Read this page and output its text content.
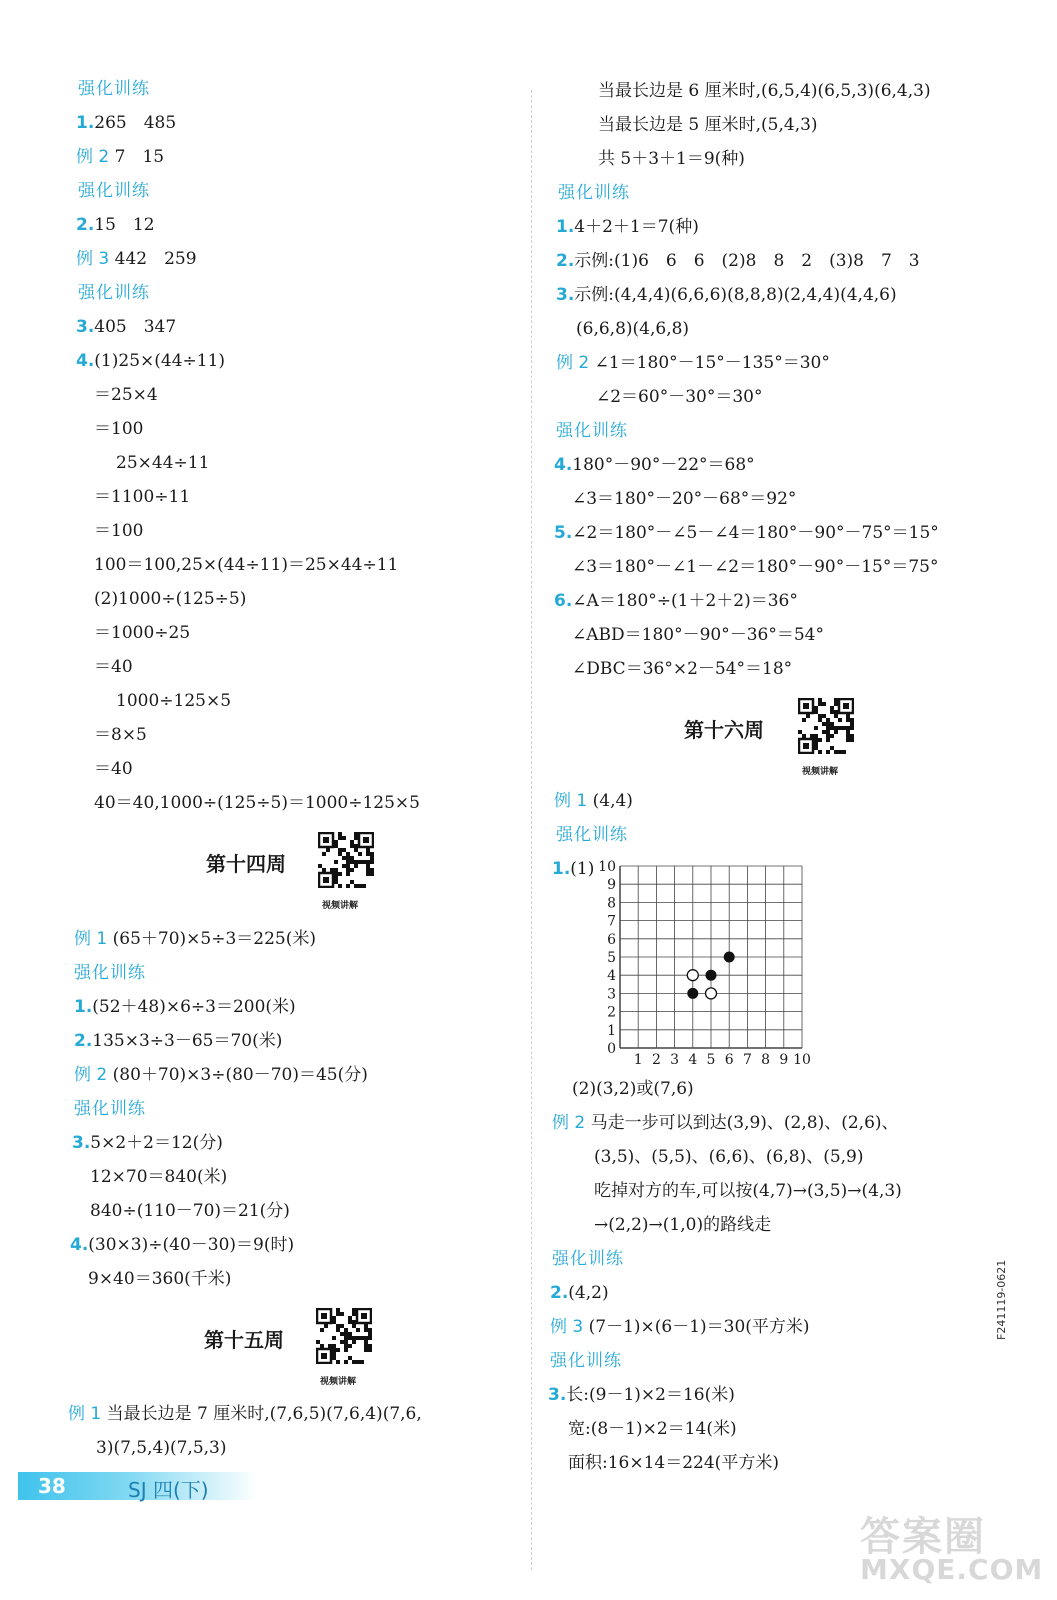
强化训练
1.265　485
例 2 7　15
强化训练
2.15　12
例 3 442　259
强化训练
3.405　347
4.(1)25×(44÷11)
＝25×4
＝100
25×44÷11
＝1100÷11
＝100
100＝100,25×(44÷11)＝25×44÷11
(2)1000÷(125÷5)
＝1000÷25
＝40
1000÷125×5
＝8×5
＝40
40＝40,1000÷(125÷5)＝1000÷125×5
例 1 (65＋70)×5÷3＝225(米)
强化训练
1.(52＋48)×6÷3＝200(米)
2.135×3÷3－65＝70(米)
例 2 (80＋70)×3÷(80－70)＝45(分)
强化训练
3.5×2＋2＝12(分)
12×70＝840(米)
840÷(110－70)＝21(分)
4.(30×3)÷(40－30)＝9(时)
9×40＝360(千米)
例 1 当最长边是 7 厘米时,(7,6,5)(7,6,4)(7,6,
3)(7,5,4)(7,5,3)
当最长边是 6 厘米时,(6,5,4)(6,5,3)(6,4,3)
当最长边是 5 厘米时,(5,4,3)
共 5＋3＋1＝9(种)
强化训练
1.4＋2＋1＝7(种)
2.示例:(1)6　6　6　(2)8　8　2　(3)8　7　3
3.示例:(4,4,4)(6,6,6)(8,8,8)(2,4,4)(4,4,6)
(6,6,8)(4,6,8)
例 2 ∠1＝180°－15°－135°＝30°
∠2＝60°－30°＝30°
强化训练
4.180°－90°－22°＝68°
∠3＝180°－20°－68°＝92°
5.∠2＝180°－∠5－∠4＝180°－90°－75°＝15°
∠3＝180°－∠1－∠2＝180°－90°－15°＝75°
6.∠A＝180°÷(1＋2＋2)＝36°
∠ABD＝180°－90°－36°＝54°
∠DBC＝36°×2－54°＝18°
例 1 (4,4)
强化训练
1.(1)
(2)(3,2)或(7,6)
例 2 马走一步可以到达(3,9)、(2,8)、(2,6)、
(3,5)、(5,5)、(6,6)、(6,8)、(5,9)
吃掉对方的车,可以按(4,7)→(3,5)→(4,3)
→(2,2)→(1,0)的路线走
强化训练
2.(4,2)
例 3 (7－1)×(6－1)＝30(平方米)
强化训练
3.长:(9－1)×2＝16(米)
宽:(8－1)×2＝14(米)
面积:16×14＝224(平方米)
第十四周
视频讲解
第十五周
视频讲解
第十六周
视频讲解
0
1
2
3
4
5
6
7
8
9
10
1 2 3 4 5 6 7 8 9 10
38	SJ 四(下)
F241119-0621
答案圈
MXQE.COM
